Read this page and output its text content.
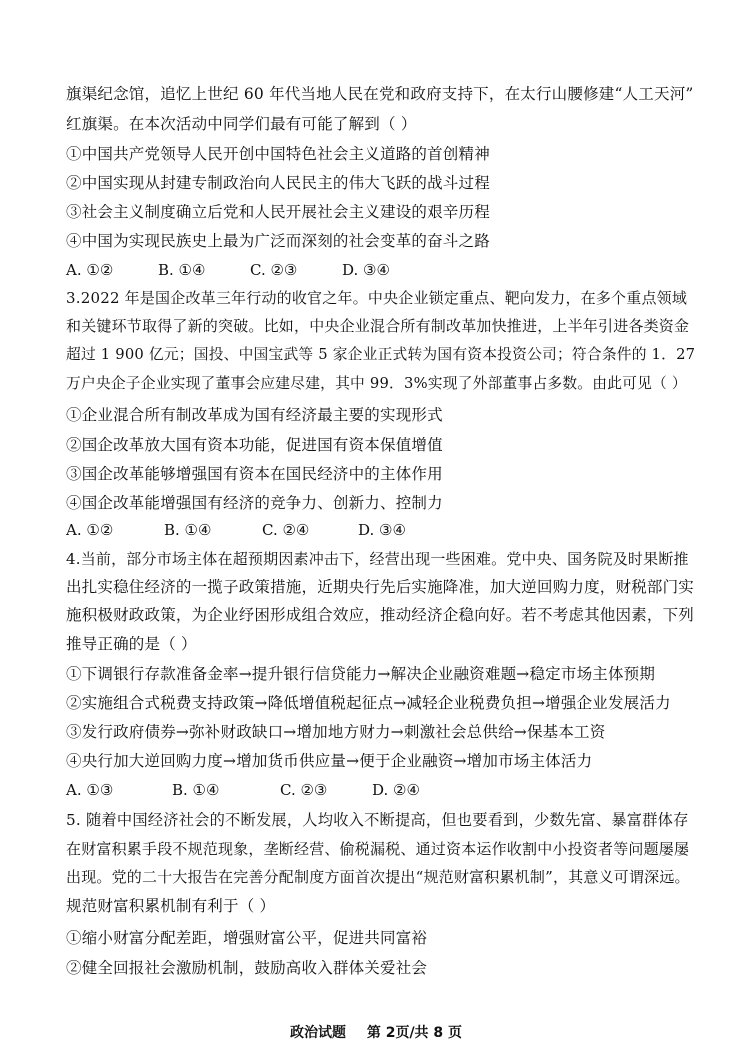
旗渠纪念馆，追忆上世纪 60 年代当地人民在党和政府支持下，在太行山腰修建“人工天河”
红旗渠。在本次活动中同学们最有可能了解到（ ）
①中国共产党领导人民开创中国特色社会主义道路的首创精神
②中国实现从封建专制政治向人民民主的伟大飞跃的战斗过程
③社会主义制度确立后党和人民开展社会主义建设的艰辛历程
④中国为实现民族史上最为广泛而深刻的社会变革的奋斗之路
A. ①②	B. ①④	C. ②③	D. ③④
3.2022 年是国企改革三年行动的收官之年。中央企业锁定重点、靶向发力，在多个重点领域
和关键环节取得了新的突破。比如，中央企业混合所有制改革加快推进，上半年引进各类资金
超过 1 900 亿元；国投、中国宝武等 5 家企业正式转为国有资本投资公司；符合条件的 1．27
万户央企子企业实现了董事会应建尽建，其中 99．3%实现了外部董事占多数。由此可见（ ）
①企业混合所有制改革成为国有经济最主要的实现形式
②国企改革放大国有资本功能，促进国有资本保值增值
③国企改革能够增强国有资本在国民经济中的主体作用
④国企改革能增强国有经济的竞争力、创新力、控制力
A. ①②	B. ①④	C. ②④	D. ③④
4.当前，部分市场主体在超预期因素冲击下，经营出现一些困难。党中央、国务院及时果断推
出扎实稳住经济的一揽子政策措施，近期央行先后实施降准，加大逆回购力度，财税部门实
施积极财政政策，为企业纾困形成组合效应，推动经济企稳向好。若不考虑其他因素，下列
推导正确的是（ ）
①下调银行存款准备金率→提升银行信贷能力→解决企业融资难题→稳定市场主体预期
②实施组合式税费支持政策→降低增值税起征点→减轻企业税费负担→增强企业发展活力
③发行政府债券→弥补财政缺口→增加地方财力→刺激社会总供给→保基本工资
④央行加大逆回购力度→增加货币供应量→便于企业融资→增加市场主体活力
A. ①③	B. ①④	C. ②③	D. ②④
5. 随着中国经济社会的不断发展，人均收入不断提高，但也要看到，少数先富、暴富群体存
在财富积累手段不规范现象，垄断经营、偷税漏税、通过资本运作收割中小投资者等问题屡屡
出现。党的二十大报告在完善分配制度方面首次提出“规范财富积累机制”，其意义可谓深远。
规范财富积累机制有利于（ ）
①缩小财富分配差距，增强财富公平，促进共同富裕
②健全回报社会激励机制，鼓励高收入群体关爱社会
政治试题 第 2页/共 8 页
